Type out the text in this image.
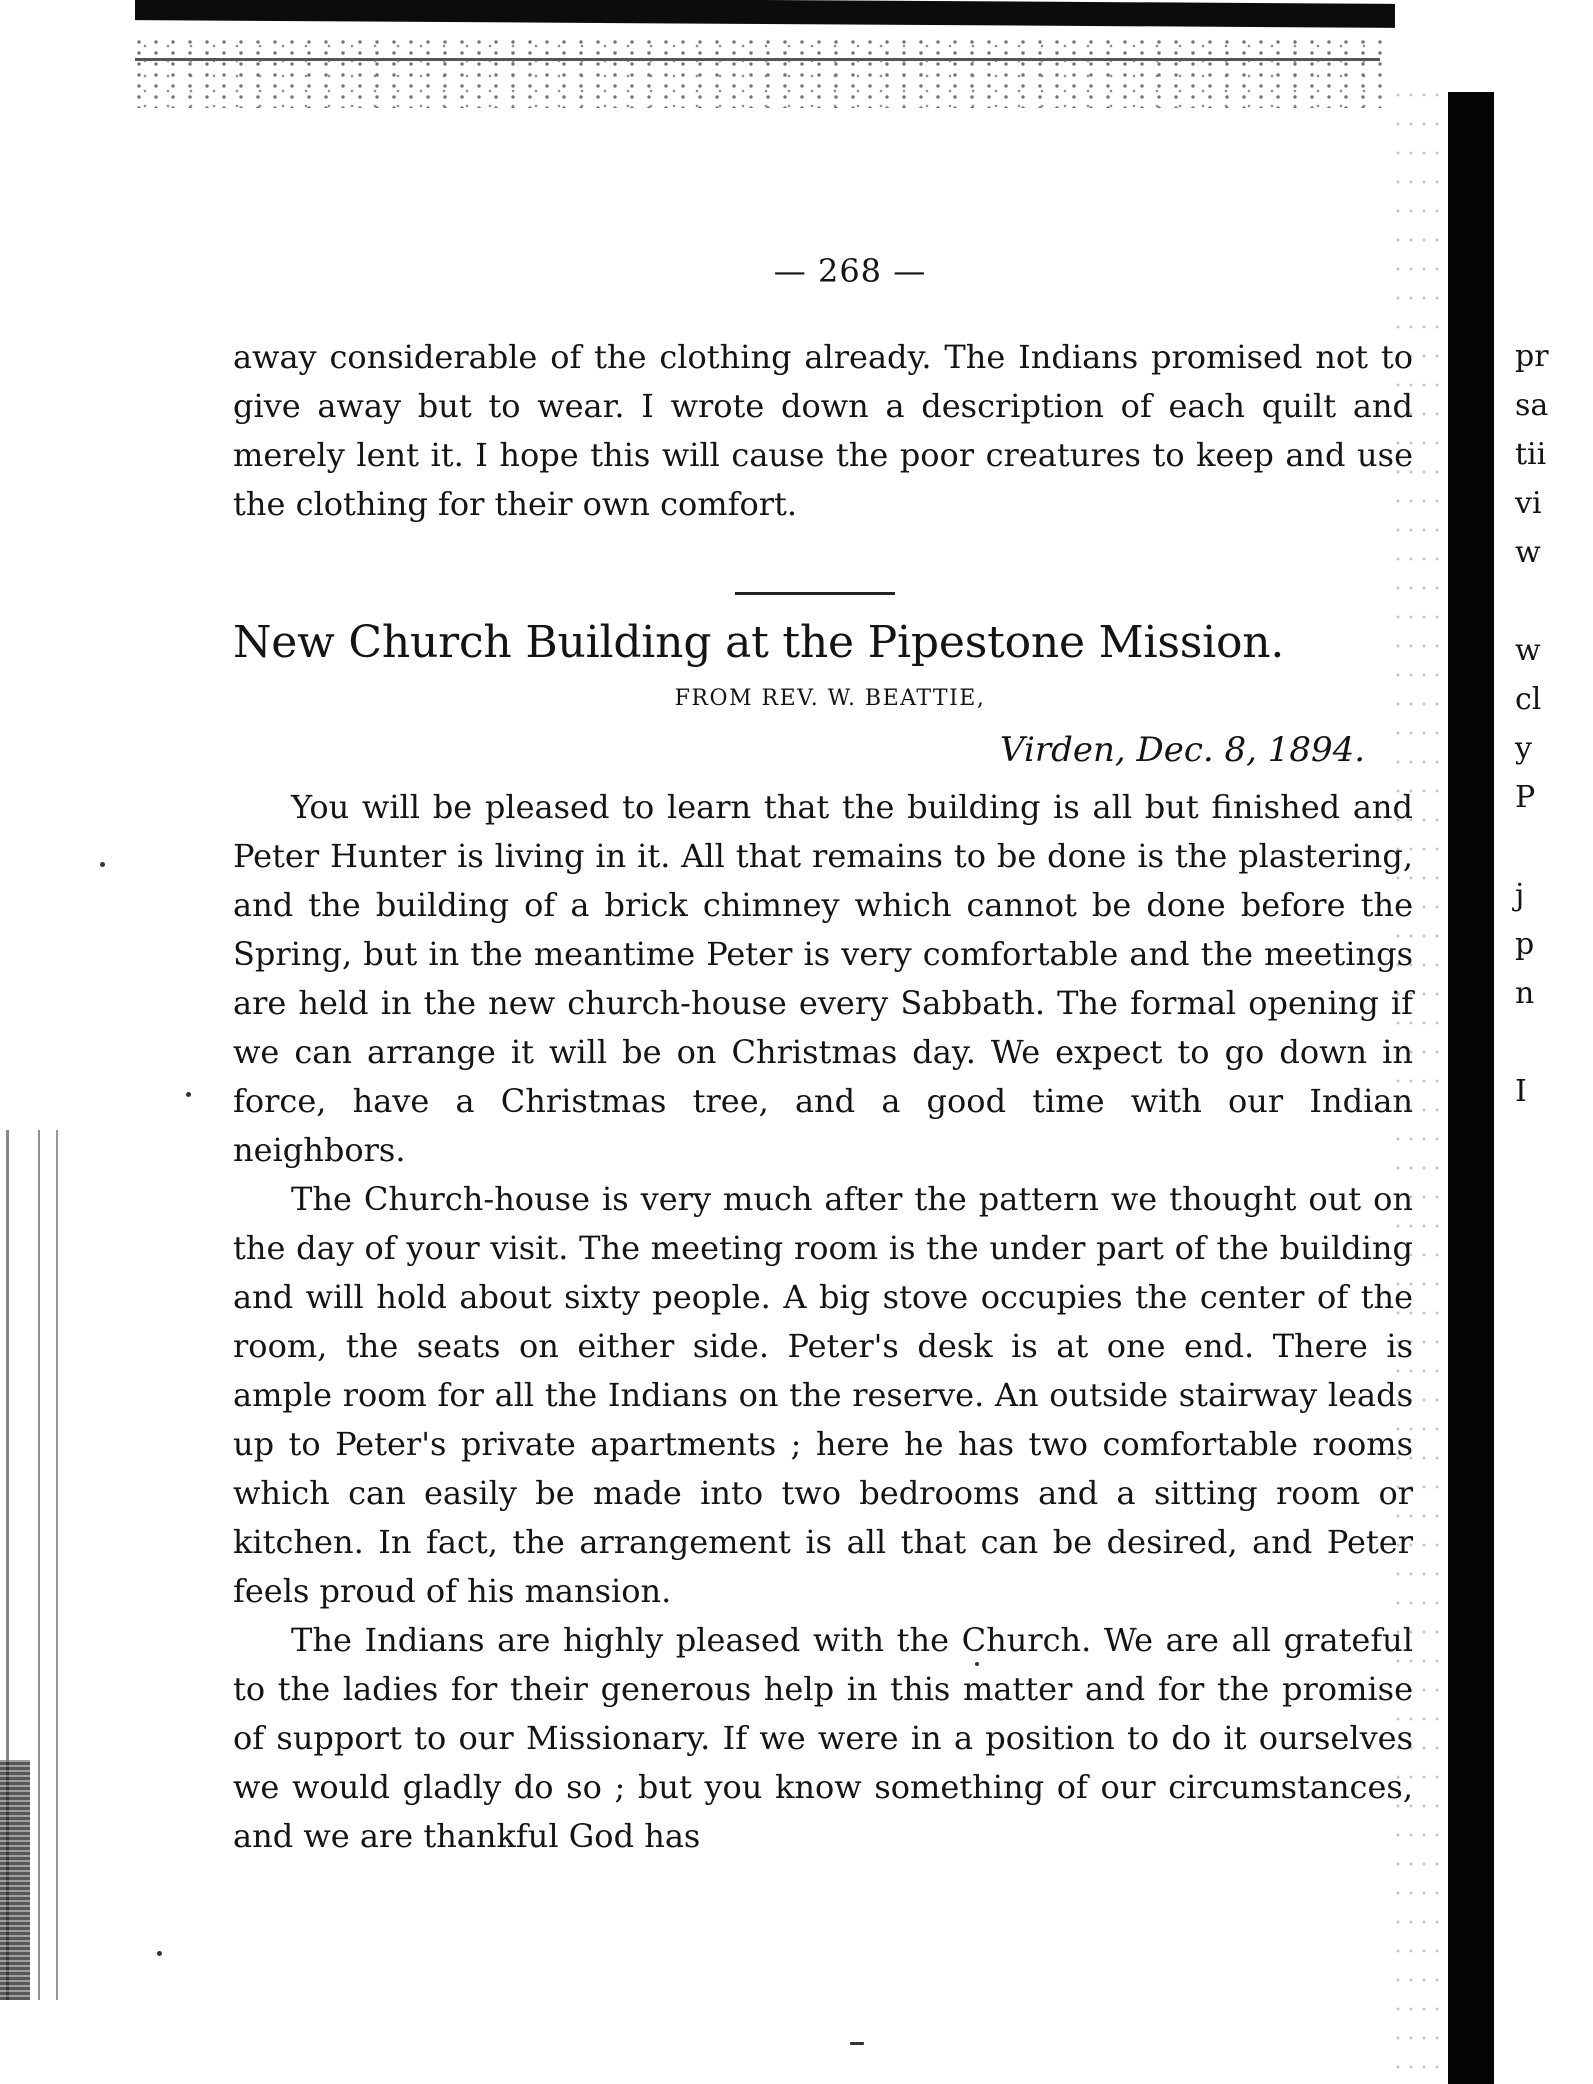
— 268 —

away considerable of the clothing already. The Indians promised not to give away but to wear. I wrote down a description of each quilt and merely lent it. I hope this will cause the poor creatures to keep and use the clothing for their own comfort.

New Church Building at the Pipestone Mission.
FROM REV. W. BEATTIE,
Virden, Dec. 8, 1894.

You will be pleased to learn that the building is all but finished and Peter Hunter is living in it. All that remains to be done is the plastering, and the building of a brick chimney which cannot be done before the Spring, but in the meantime Peter is very comfortable and the meetings are held in the new church-house every Sabbath. The formal opening if we can arrange it will be on Christmas day. We expect to go down in force, have a Christmas tree, and a good time with our Indian neighbors.

The Church-house is very much after the pattern we thought out on the day of your visit. The meeting room is the under part of the building and will hold about sixty people. A big stove occupies the center of the room, the seats on either side. Peter's desk is at one end. There is ample room for all the Indians on the reserve. An outside stairway leads up to Peter's private apartments ; here he has two comfortable rooms which can easily be made into two bedrooms and a sitting room or kitchen. In fact, the arrangement is all that can be desired, and Peter feels proud of his mansion.

The Indians are highly pleased with the Church. We are all grateful to the ladies for their generous help in this matter and for the promise of support to our Missionary. If we were in a position to do it ourselves we would gladly do so ; but you know something of our circumstances, and we are thankful God has

pr
sa
tii
vi
w

w
cl
y
P

j
p
n

I
